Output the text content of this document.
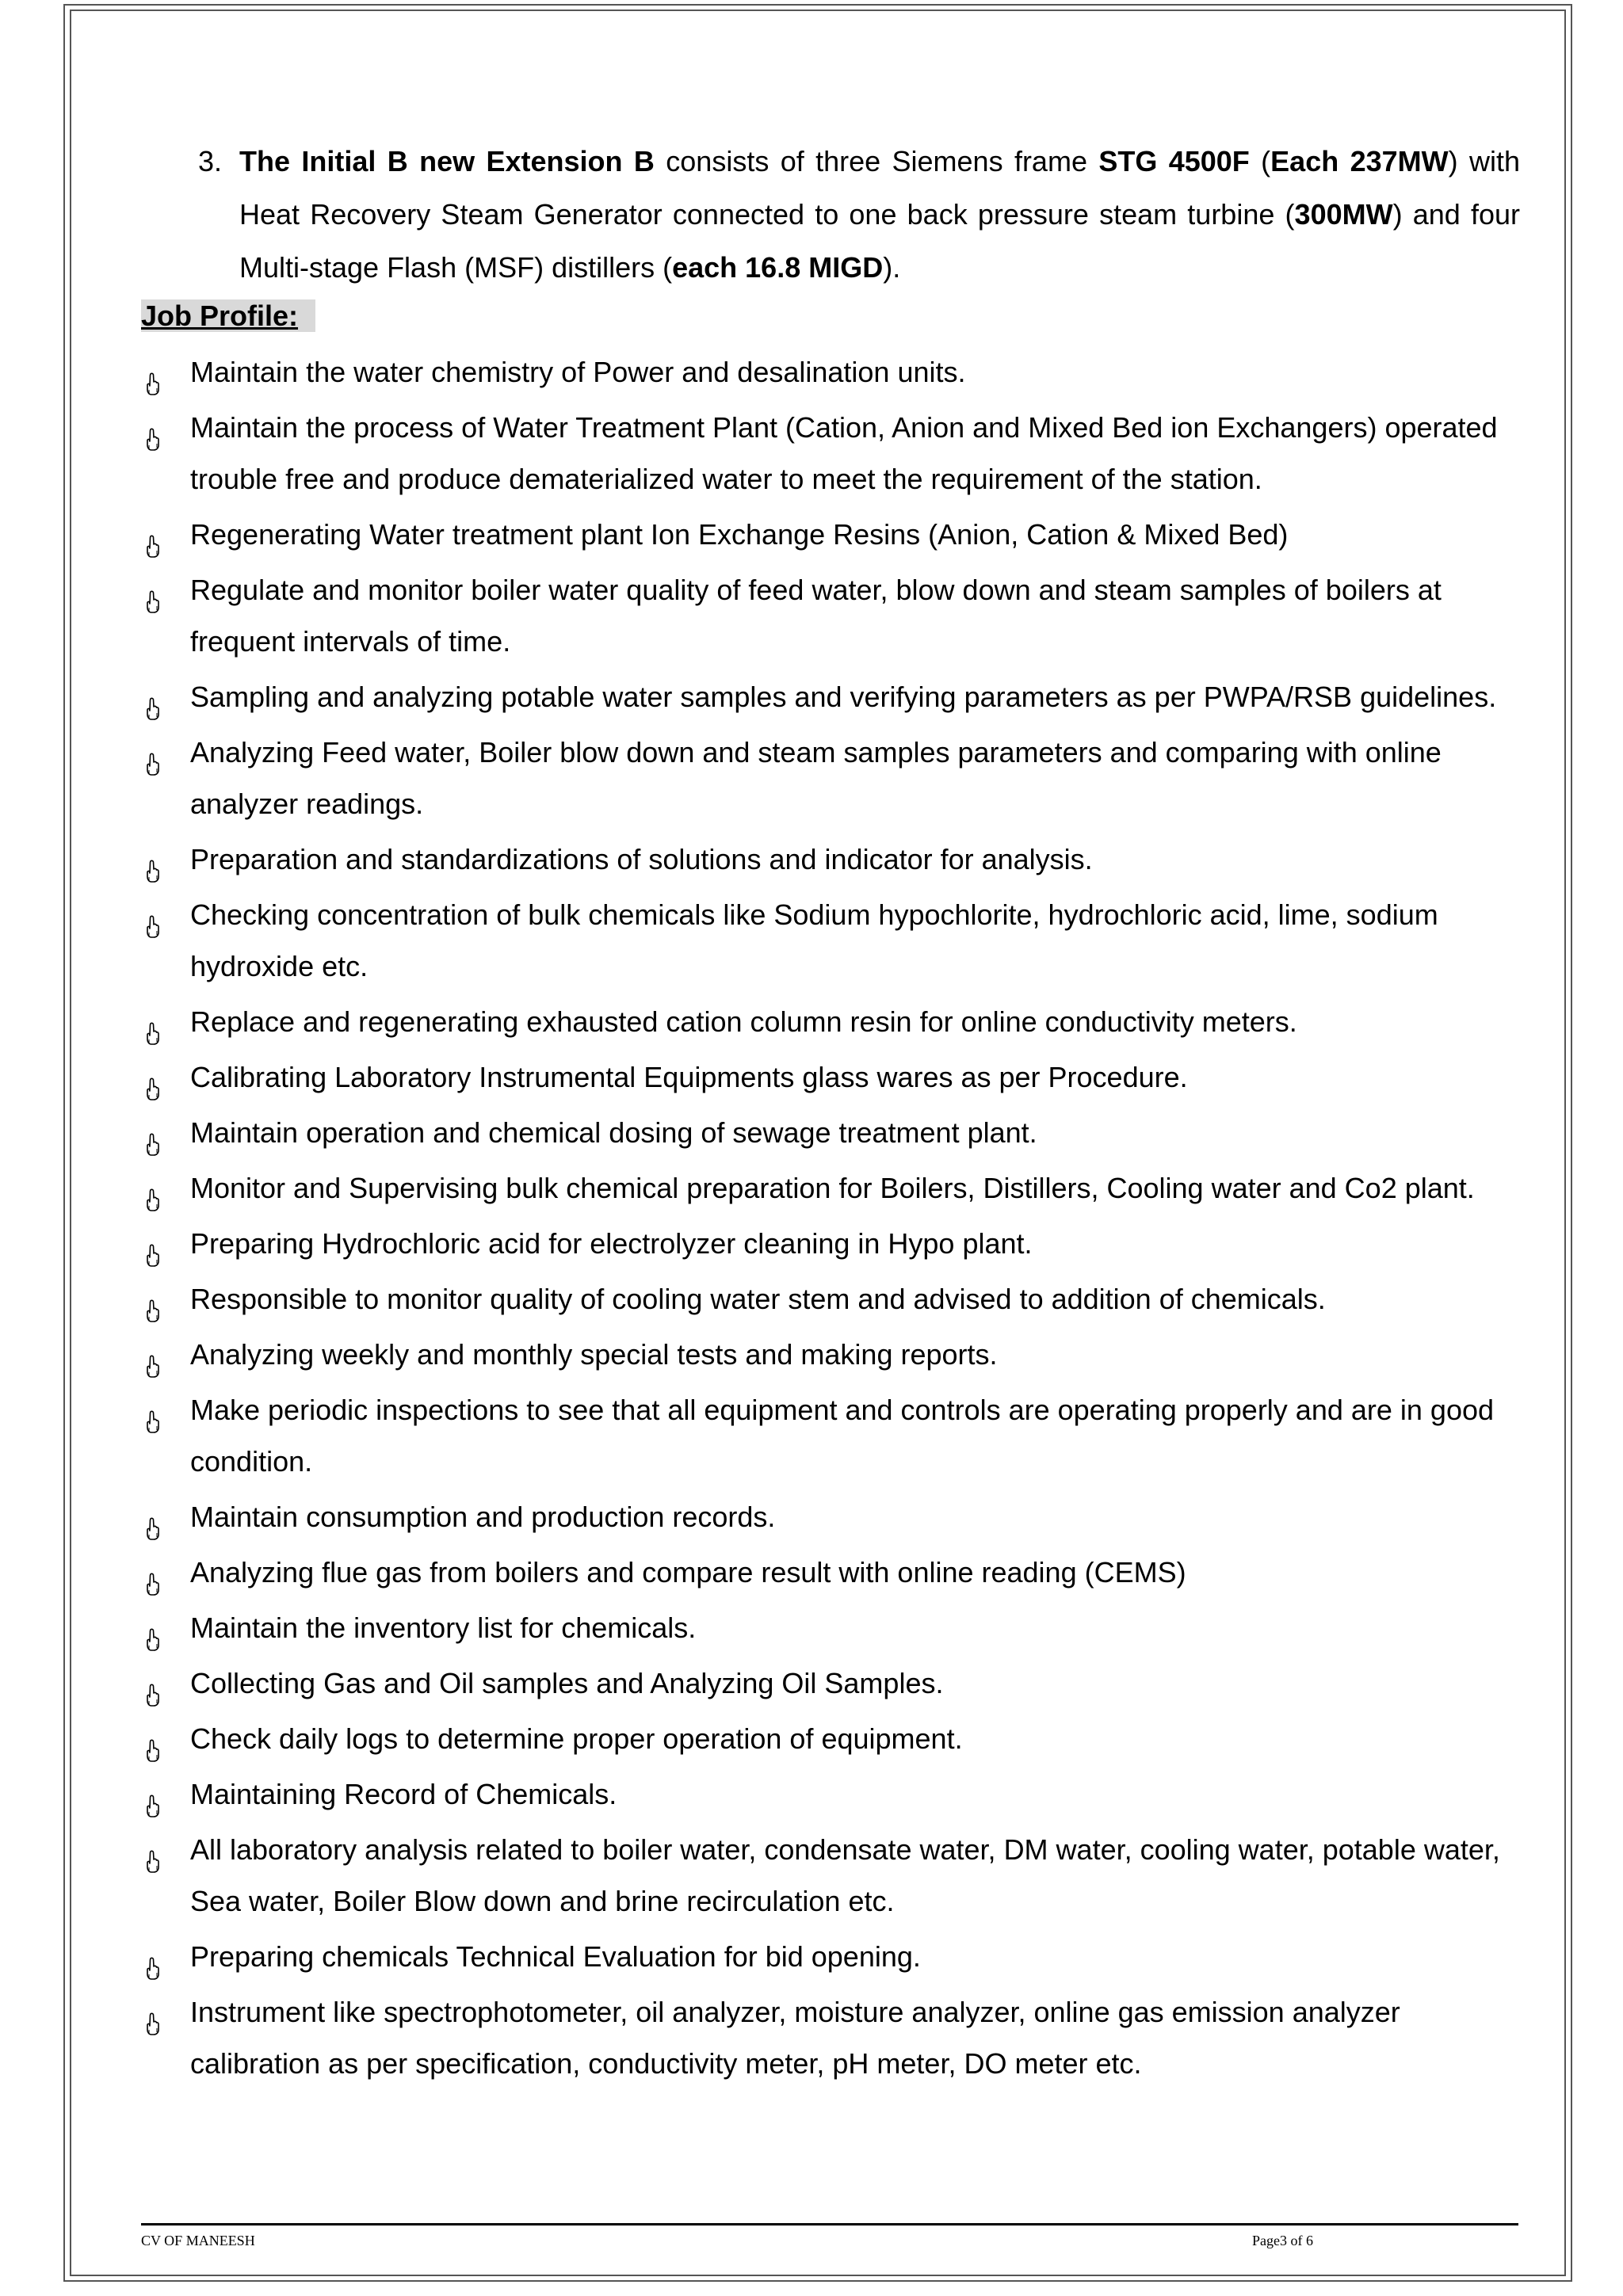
3. The Initial B new Extension B consists of three Siemens frame STG 4500F (Each 237MW) with Heat Recovery Steam Generator connected to one back pressure steam turbine (300MW) and four Multi-stage Flash (MSF) distillers (each 16.8 MIGD).
Job Profile:
Maintain the water chemistry of Power and desalination units.
Maintain the process of Water Treatment Plant (Cation, Anion and Mixed Bed ion Exchangers) operated trouble free and produce dematerialized water to meet the requirement of the station.
Regenerating Water treatment plant Ion Exchange Resins (Anion, Cation & Mixed Bed)
Regulate and monitor boiler water quality of feed water, blow down and steam samples of boilers at frequent intervals of time.
Sampling and analyzing potable water samples and verifying parameters as per PWPA/RSB guidelines.
Analyzing Feed water, Boiler blow down and steam samples parameters and comparing with online analyzer readings.
Preparation and standardizations of solutions and indicator for analysis.
Checking concentration of bulk chemicals like Sodium hypochlorite, hydrochloric acid, lime, sodium hydroxide etc.
Replace and regenerating exhausted cation column resin for online conductivity meters.
Calibrating Laboratory Instrumental Equipments glass wares as per Procedure.
Maintain operation and chemical dosing of sewage treatment plant.
Monitor and Supervising bulk chemical preparation for Boilers, Distillers, Cooling water and Co2 plant.
Preparing Hydrochloric acid for electrolyzer cleaning in Hypo plant.
Responsible to monitor quality of cooling water stem and advised to addition of chemicals.
Analyzing weekly and monthly special tests and making reports.
Make periodic inspections to see that all equipment and controls are operating properly and are in good condition.
Maintain consumption and production records.
Analyzing flue gas from boilers and compare result with online reading (CEMS)
Maintain the inventory list for chemicals.
Collecting Gas and Oil samples and Analyzing Oil Samples.
Check daily logs to determine proper operation of equipment.
Maintaining Record of Chemicals.
All laboratory analysis related to boiler water, condensate water, DM water, cooling water, potable water, Sea water, Boiler Blow down and brine recirculation etc.
Preparing chemicals Technical Evaluation for bid opening.
Instrument like spectrophotometer, oil analyzer, moisture analyzer, online gas emission analyzer calibration as per specification, conductivity meter, pH meter, DO meter etc.
CV OF MANEESH	Page3 of 6
